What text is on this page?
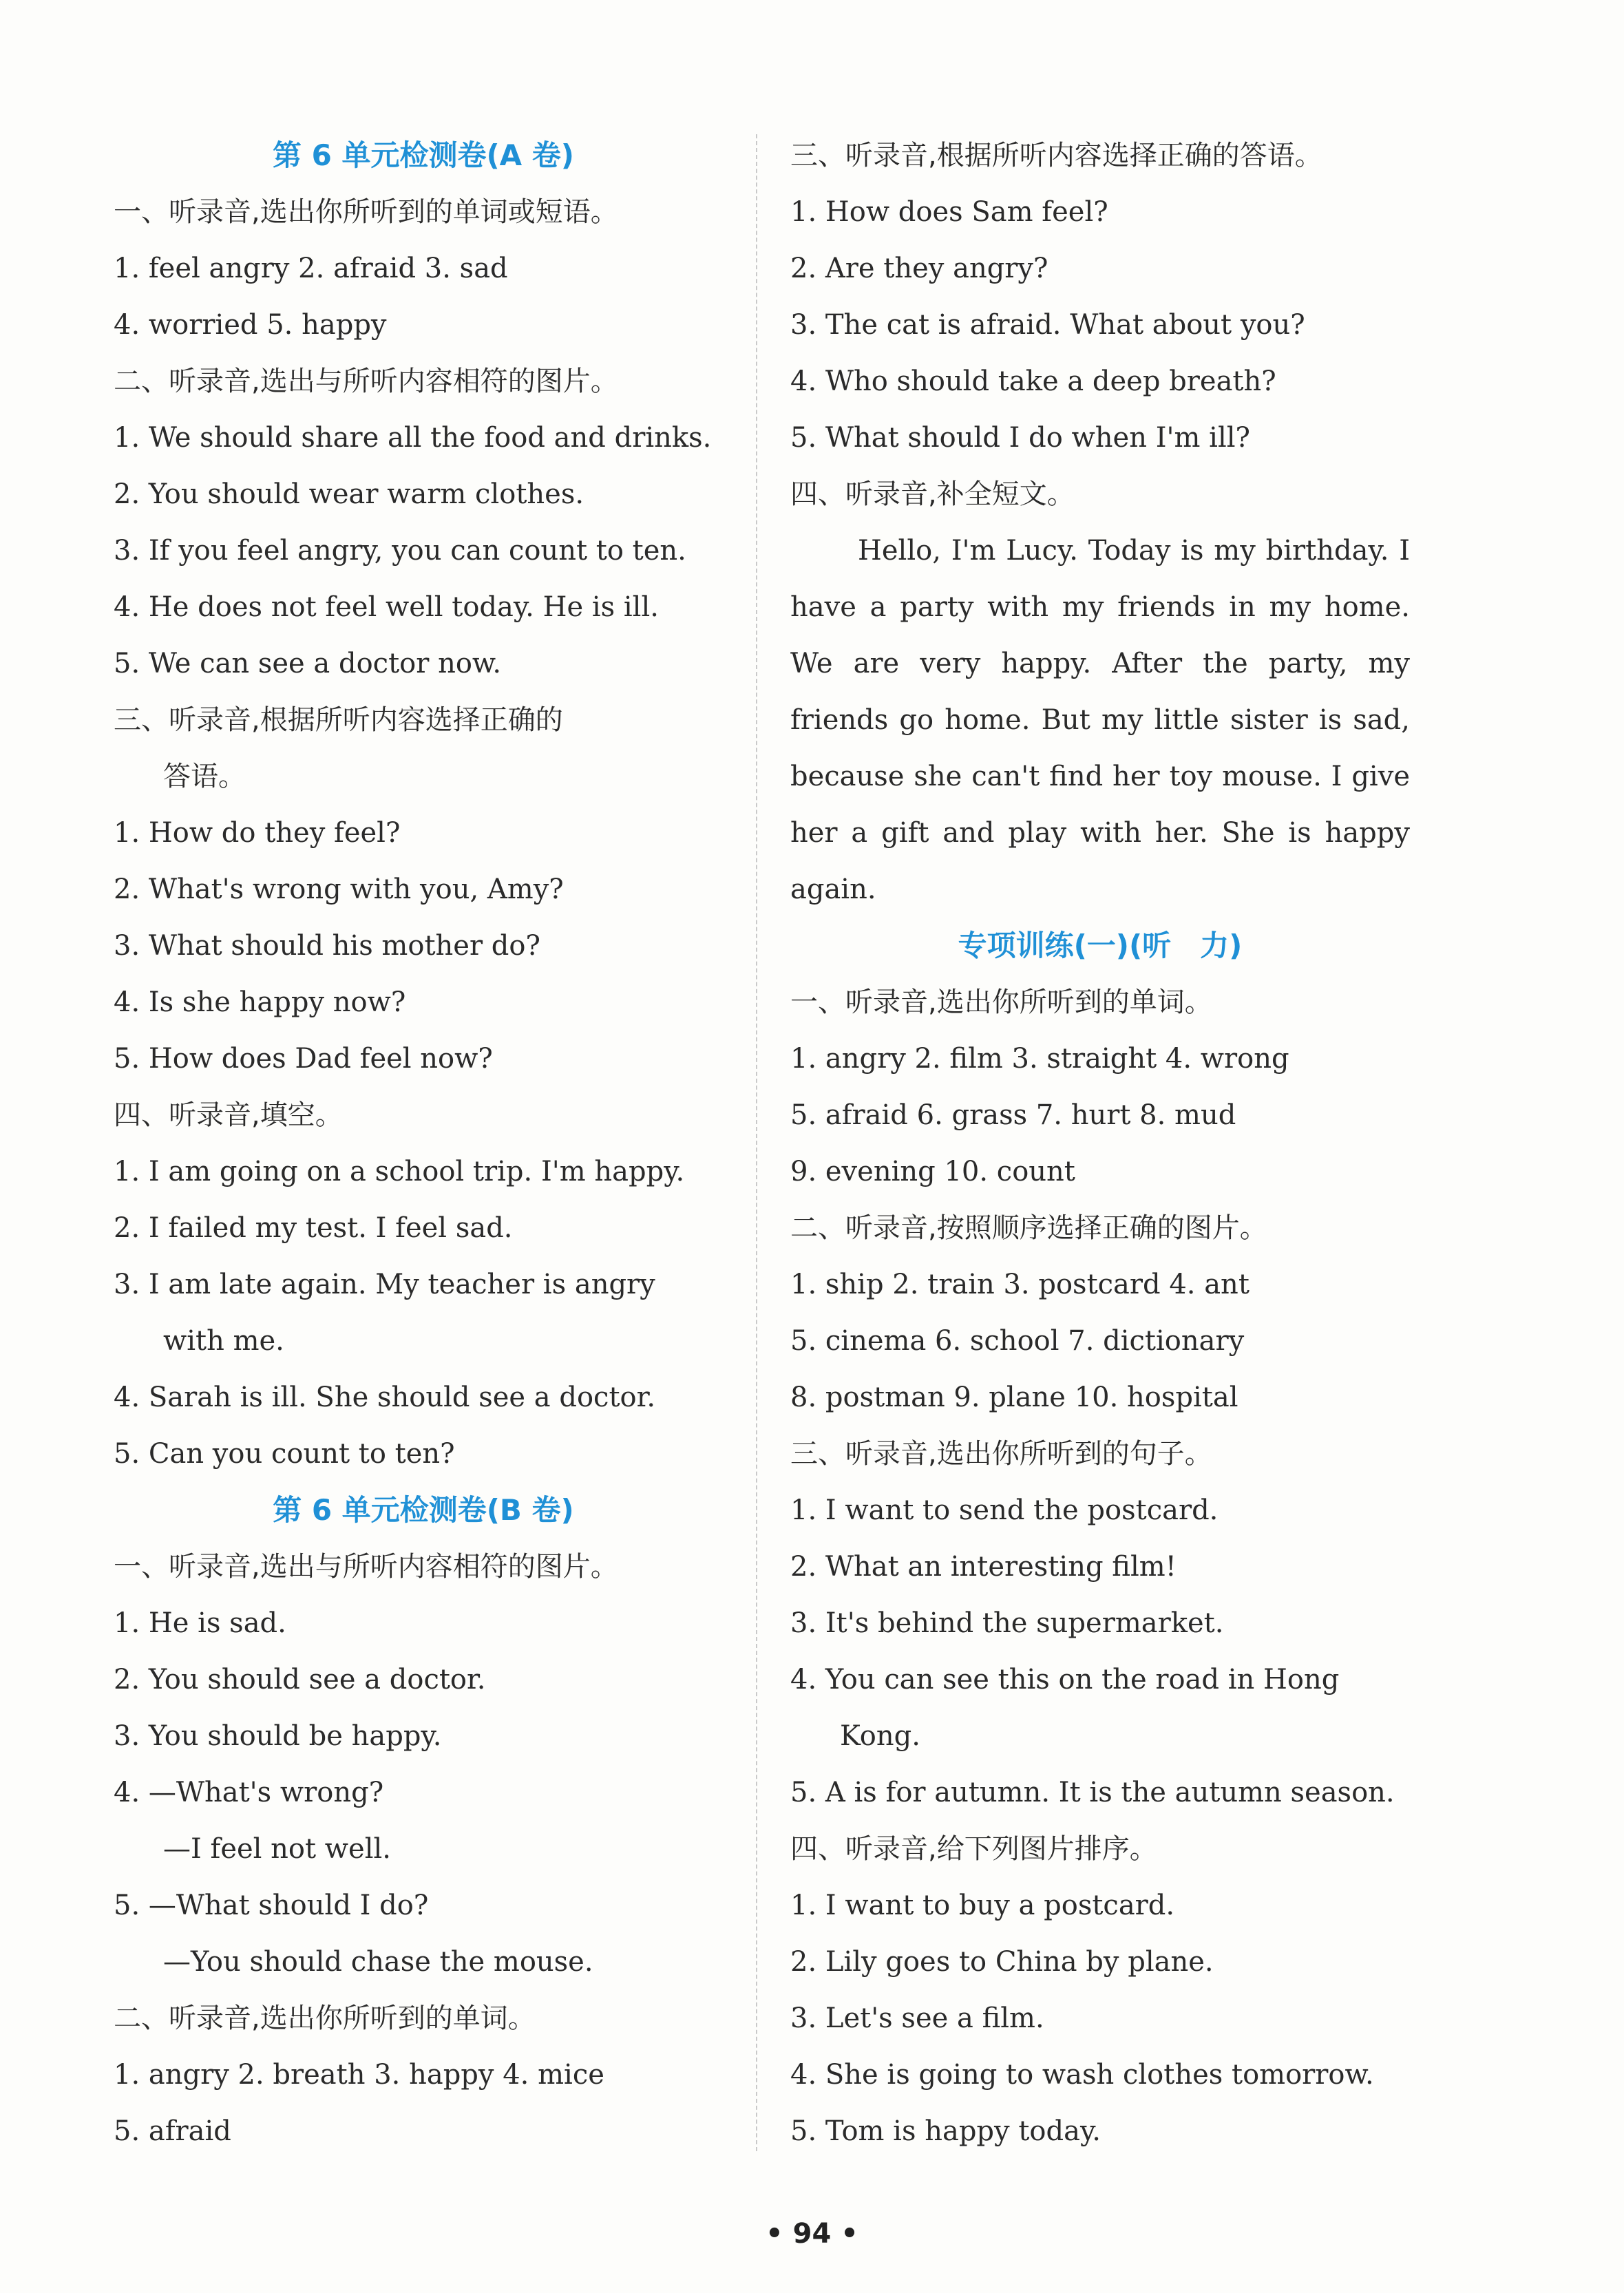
第 6 单元检测卷(A 卷)
一、听录音,选出你所听到的单词或短语。
1. feel angry 2. afraid 3. sad
4. worried 5. happy
二、听录音,选出与所听内容相符的图片。
1. We should share all the food and drinks.
2. You should wear warm clothes.
3. If you feel angry, you can count to ten.
4. He does not feel well today. He is ill.
5. We can see a doctor now.
三、听录音,根据所听内容选择正确的
答语。
1. How do they feel?
2. What's wrong with you, Amy?
3. What should his mother do?
4. Is she happy now?
5. How does Dad feel now?
四、听录音,填空。
1. I am going on a school trip. I'm happy.
2. I failed my test. I feel sad.
3. I am late again. My teacher is angry
with me.
4. Sarah is ill. She should see a doctor.
5. Can you count to ten?
第 6 单元检测卷(B 卷)
一、听录音,选出与所听内容相符的图片。
1. He is sad.
2. You should see a doctor.
3. You should be happy.
4. —What's wrong?
—I feel not well.
5. —What should I do?
—You should chase the mouse.
二、听录音,选出你所听到的单词。
1. angry 2. breath 3. happy 4. mice
5. afraid
三、听录音,根据所听内容选择正确的答语。
1. How does Sam feel?
2. Are they angry?
3. The cat is afraid. What about you?
4. Who should take a deep breath?
5. What should I do when I'm ill?
四、听录音,补全短文。
Hello, I'm Lucy. Today is my birthday. I have a party with my friends in my home. We are very happy. After the party, my friends go home. But my little sister is sad, because she can't find her toy mouse. I give her a gift and play with her. She is happy again.
专项训练(一)(听　力)
一、听录音,选出你所听到的单词。
1. angry 2. film 3. straight 4. wrong
5. afraid 6. grass 7. hurt 8. mud
9. evening 10. count
二、听录音,按照顺序选择正确的图片。
1. ship 2. train 3. postcard 4. ant
5. cinema 6. school 7. dictionary
8. postman 9. plane 10. hospital
三、听录音,选出你所听到的句子。
1. I want to send the postcard.
2. What an interesting film!
3. It's behind the supermarket.
4. You can see this on the road in Hong
Kong.
5. A is for autumn. It is the autumn season.
四、听录音,给下列图片排序。
1. I want to buy a postcard.
2. Lily goes to China by plane.
3. Let's see a film.
4. She is going to wash clothes tomorrow.
5. Tom is happy today.
• 94 •
